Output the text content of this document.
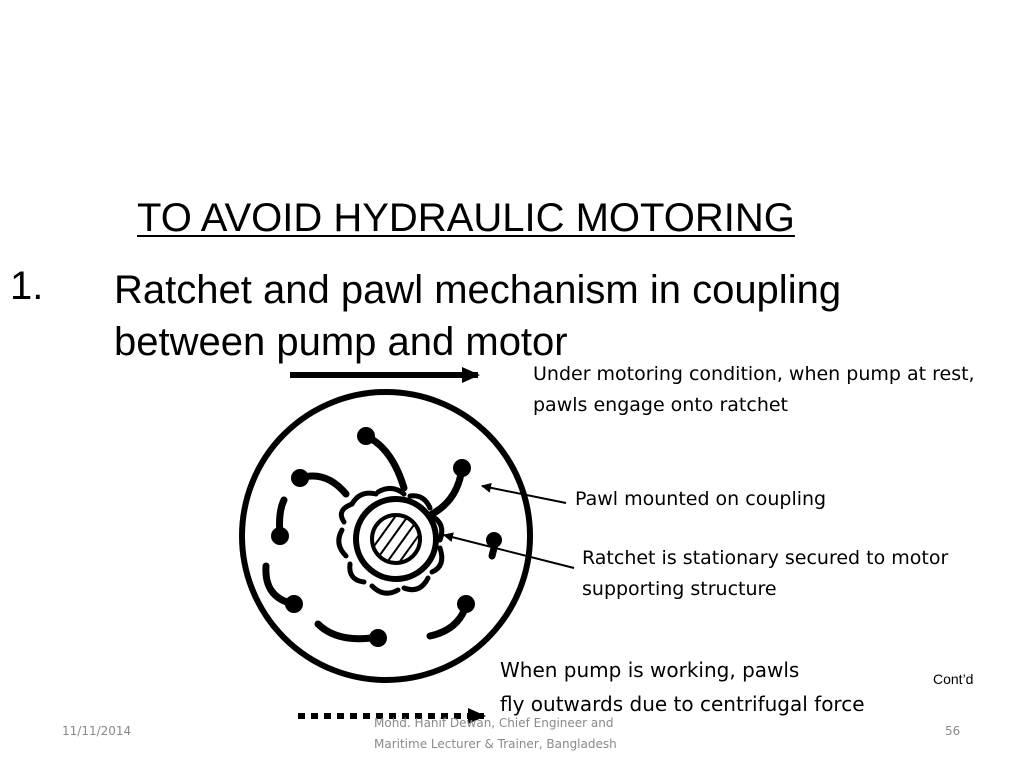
TO AVOID HYDRAULIC MOTORING
1. Ratchet and pawl mechanism in coupling
between pump and motor
Under motoring condition, when pump at rest,
pawls engage onto ratchet
Pawl mounted on coupling
Ratchet is stationary secured to motor
supporting structure
When pump is working, pawls
fly outwards due to centrifugal force
Cont’d
11/11/2014
Mohd. Hanif Dewan, Chief Engineer and
Maritime Lecturer & Trainer, Bangladesh
56
